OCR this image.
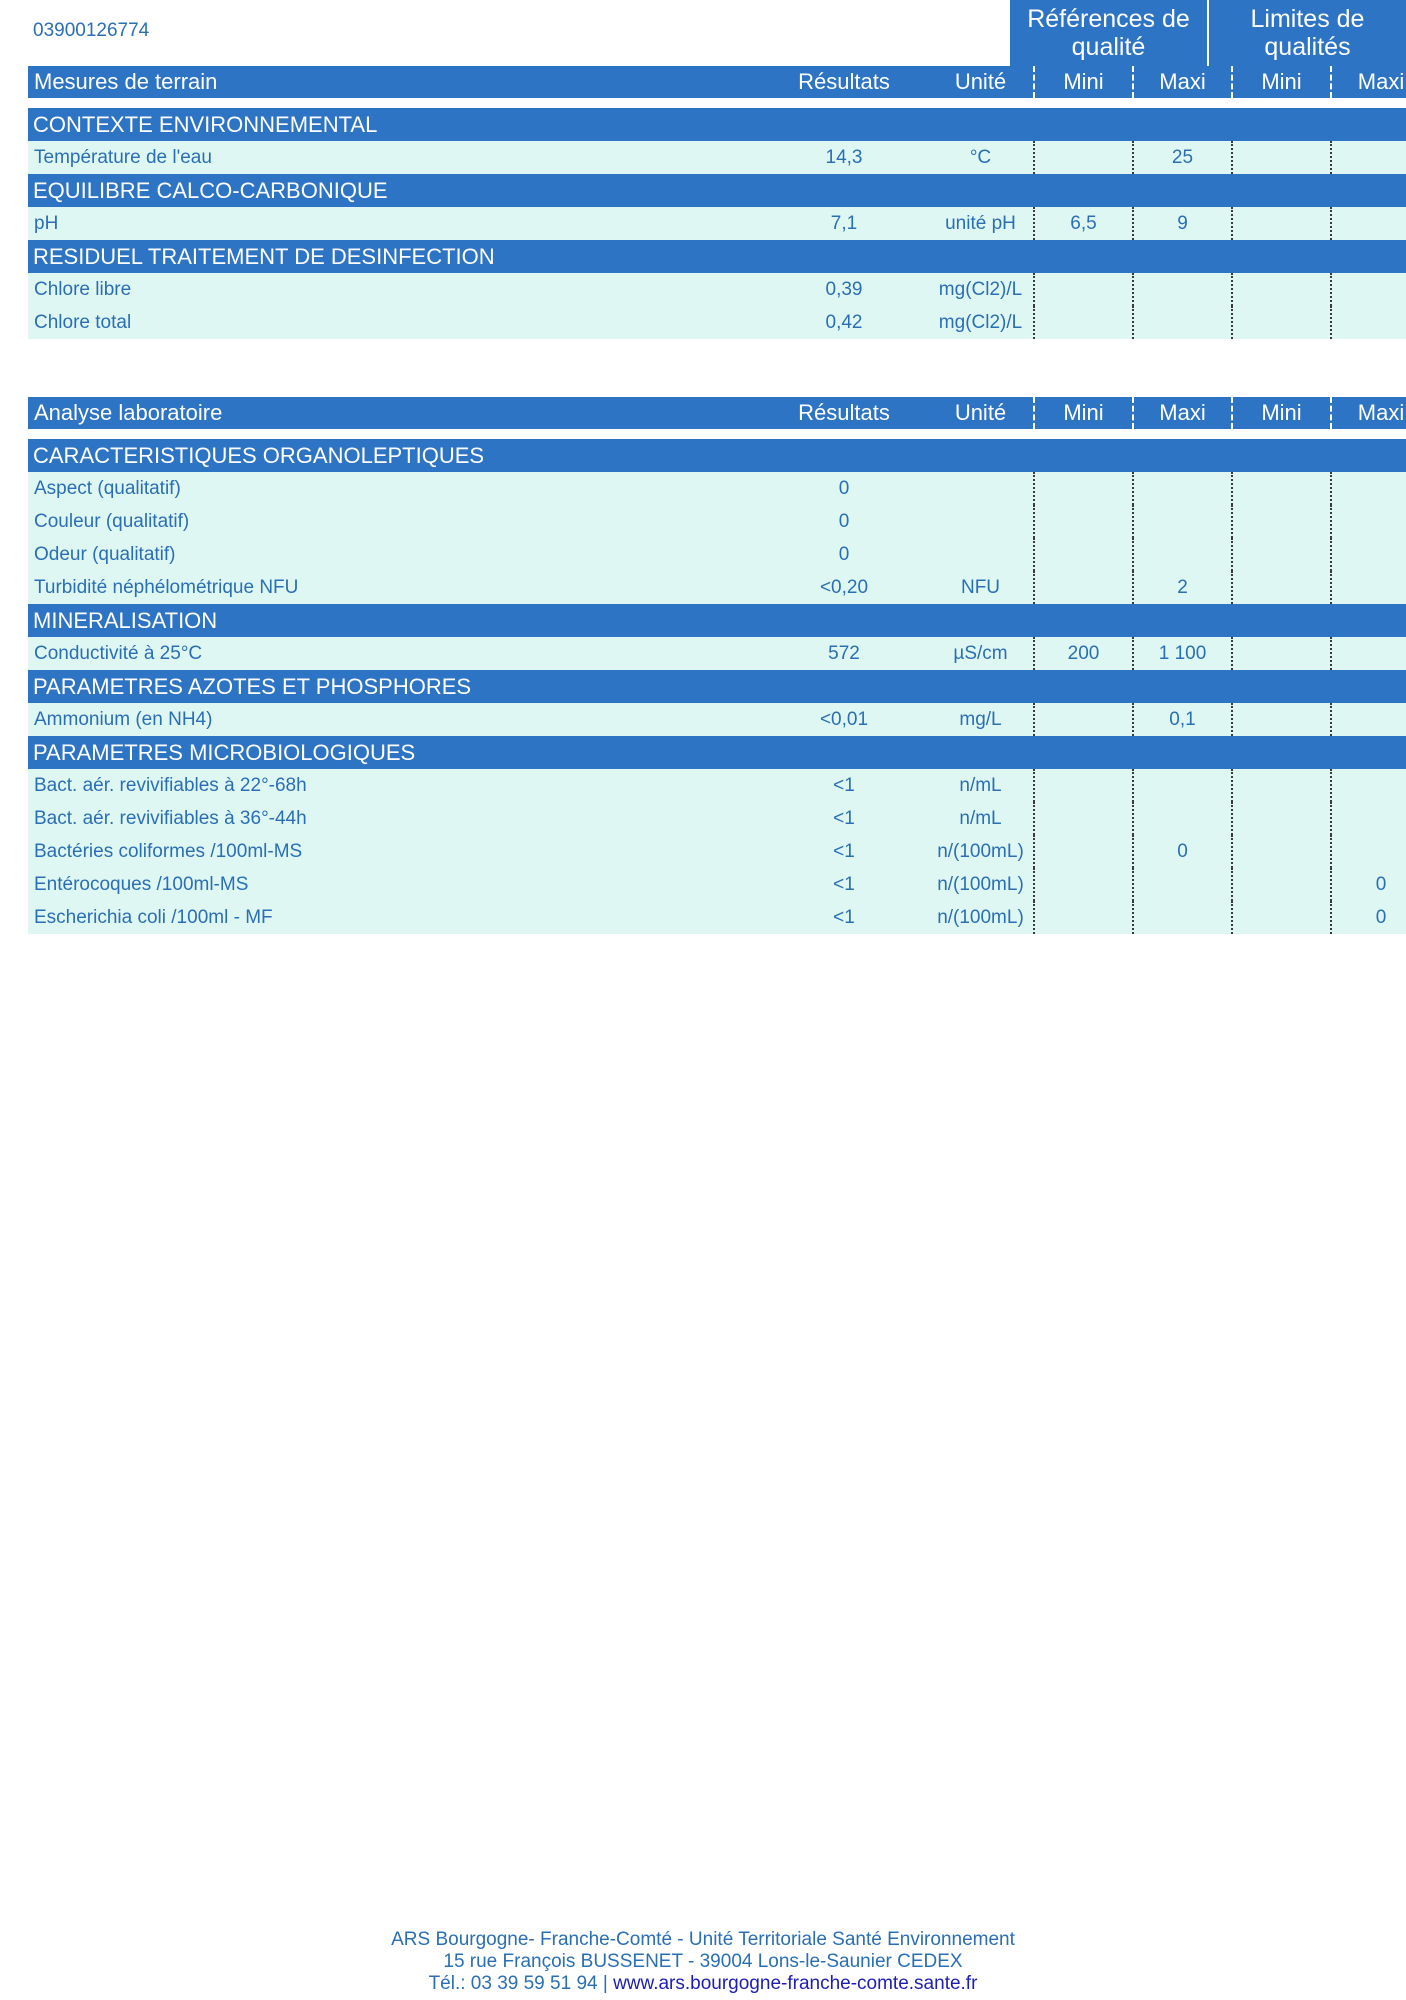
03900126774	Références de qualité
Limites de qualités
Mesures de terrain	Résultats	Unité	Mini	Maxi	Mini	Maxi

CONTEXTE ENVIRONNEMENTAL						
Température de l'eau	14,3	°C		25		
EQUILIBRE CALCO-CARBONIQUE						
pH	7,1	unité pH	6,5	9		
RESIDUEL TRAITEMENT DE DESINFECTION						
Chlore libre	0,39	mg(Cl2)/L				
Chlore total	0,42	mg(Cl2)/L				
Analyse laboratoire	Résultats	Unité	Mini	Maxi	Mini	Maxi

CARACTERISTIQUES ORGANOLEPTIQUES						
Aspect (qualitatif)	0					
Couleur (qualitatif)	0					
Odeur (qualitatif)	0					
Turbidité néphélométrique NFU	<0,20	NFU		2		
MINERALISATION						
Conductivité à 25°C	572	µS/cm	200	1 100		
PARAMETRES AZOTES ET PHOSPHORES						
Ammonium (en NH4)	<0,01	mg/L		0,1		
PARAMETRES MICROBIOLOGIQUES						
Bact. aér. revivifiables à 22°-68h	<1	n/mL				
Bact. aér. revivifiables à 36°-44h	<1	n/mL				
Bactéries coliformes /100ml-MS	<1	n/(100mL)		0		
Entérocoques /100ml-MS	<1	n/(100mL)				0
Escherichia coli /100ml - MF	<1	n/(100mL)				0
ARS Bourgogne- Franche-Comté - Unité Territoriale Santé Environnement
15 rue François BUSSENET - 39004 Lons-le-Saunier CEDEX
Tél.: 03 39 59 51 94 | www.ars.bourgogne-franche-comte.sante.fr
